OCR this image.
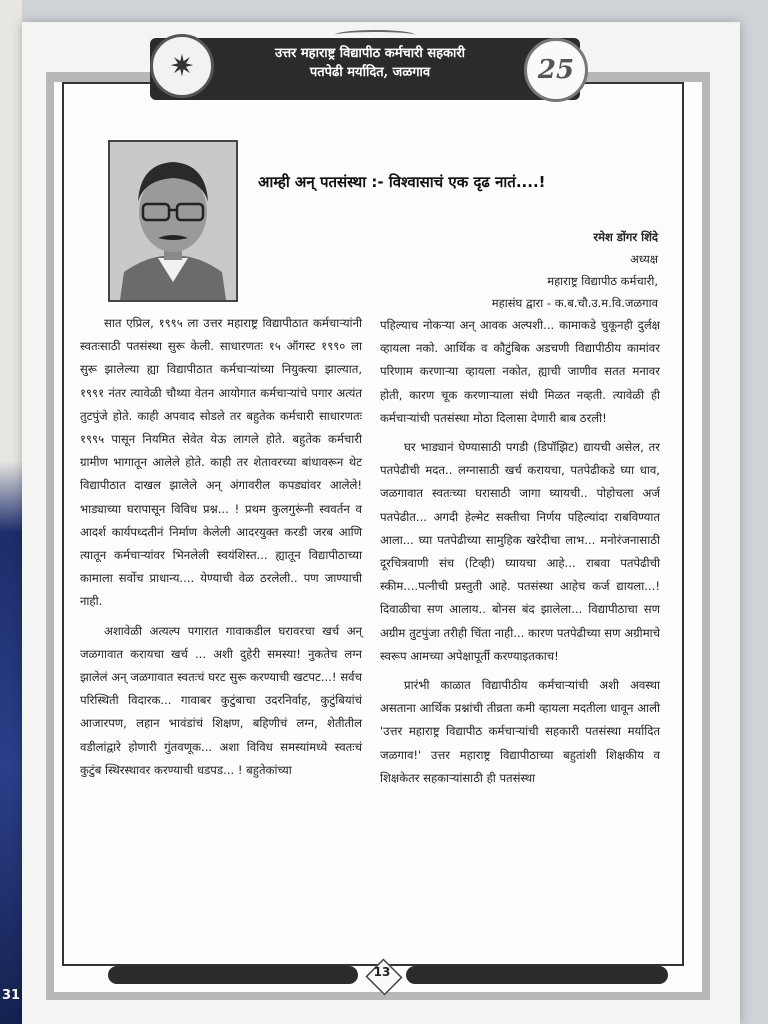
31
उत्तर महाराष्ट्र विद्यापीठ कर्मचारी सहकारी
पतपेढी मर्यादित, जळगाव
✷	25
आम्ही अन् पतसंस्था :- विश्वासाचं एक दृढ नातं....!
रमेश डोंगर शिंदे
अध्यक्ष
महाराष्ट्र विद्यापीठ कर्मचारी,
महासंघ द्वारा - क.ब.चौ.उ.म.वि.जळगाव

सात एप्रिल, १९९५ ला उत्तर महाराष्ट्र विद्यापीठात कर्मचाऱ्यांनी स्वतःसाठी पतसंस्था सुरू केली. साधारणतः १५ ऑगस्ट १९९० ला सुरू झालेल्या ह्या विद्यापीठात कर्मचाऱ्यांच्या नियुक्त्या झाल्यात, १९९१ नंतर त्यावेळी चौथ्या वेतन आयोगात कर्मचाऱ्यांचे पगार अत्यंत तुटपुंजे होते. काही अपवाद सोडले तर बहुतेक कर्मचारी साधारणतः १९९५ पासून नियमित सेवेत येऊ लागले होते. बहुतेक कर्मचारी ग्रामीण भागातून आलेले होते. काही तर शेतावरच्या बांधावरून थेट विद्यापीठात दाखल झालेले अन् अंगावरील कपड्यांवर आलेले! भाड्याच्या घरापासून विविध प्रश्न... ! प्रथम कुलगुरूंनी स्ववर्तन व आदर्श कार्यपध्दतीनं निर्माण केलेली आदरयुक्त करडी जरब आणि त्यातून कर्मचाऱ्यांवर भिनलेली स्वयंशिस्त... ह्यातून विद्यापीठाच्या कामाला सर्वोच प्राधान्य.... येण्याची वेळ ठरलेली.. पण जाण्याची नाही.

अशावेळी अत्यल्प पगारात गावाकडील घरावरचा खर्च अन् जळगावात करायचा खर्च ... अशी दुहेरी समस्या! नुकतेच लग्न झालेलं अन् जळगावात स्वतःचं घरट सुरू करण्याची खटपट...! सर्वच परिस्थिती विदारक... गावाबर कुटुंबाचा उदरनिर्वाह, कुटुंबियांचं आजारपण, लहान भावंडांचं शिक्षण, बहिणीचं लग्न, शेतीतील वडीलांद्वारे होणारी गुंतवणूक... अशा विविध समस्यांमध्ये स्वतःचं कुटुंब स्थिरस्थावर करण्याची धडपड... ! बहुतेकांच्या

पहिल्याच नोकऱ्या अन् आवक अल्पशी... कामाकडे चुकूनही दुर्लक्ष व्हायला नको. आर्थिक व कौटुंबिक अडचणी विद्यापीठीय कामांवर परिणाम करणाऱ्या व्हायला नकोत, ह्याची जाणीव सतत मनावर होती, कारण चूक करणाऱ्याला संधी मिळत नव्हती. त्यावेळी ही कर्मचाऱ्यांची पतसंस्था मोठा दिलासा देणारी बाब ठरली!

घर भाड्यानं घेण्यासाठी पगडी (डिपॉझिट) द्यायची असेल, तर पतपेढीची मदत.. लग्नासाठी खर्च करायचा, पतपेढीकडे घ्या धाव, जळगावात स्वतःच्या घरासाठी जागा घ्यायची.. पोहोचला अर्ज पतपेढीत... अगदी हेल्मेट सक्तीचा निर्णय पहिल्यांदा राबविण्यात आला... घ्या पतपेढीच्या सामुहिक खरेदीचा लाभ... मनोरंजनासाठी दूरचित्रवाणी संच (टिव्ही) घ्यायचा आहे... राबवा पतपेढीची स्कीम....पत्नीची प्रस्तुती आहे. पतसंस्था आहेच कर्ज द्यायला...! दिवाळीचा सण आलाय.. बोनस बंद झालेला... विद्यापीठाचा सण अग्रीम तुटपुंजा तरीही चिंता नाही... कारण पतपेढीच्या सण अग्रीमाचे स्वरूप आमच्या अपेक्षापूर्ती करण्याइतकाच!

प्रारंभी काळात विद्यापीठीय कर्मचाऱ्यांची अशी अवस्था असताना आर्थिक प्रश्नांची तीव्रता कमी व्हायला मदतीला धावून आली 'उत्तर महाराष्ट्र विद्यापीठ कर्मचाऱ्यांची सहकारी पतसंस्था मर्यादित जळगाव!' उत्तर महाराष्ट्र विद्यापीठाच्या बहुतांशी शिक्षकीय व शिक्षकेतर सहकाऱ्यांसाठी ही पतसंस्था

13
